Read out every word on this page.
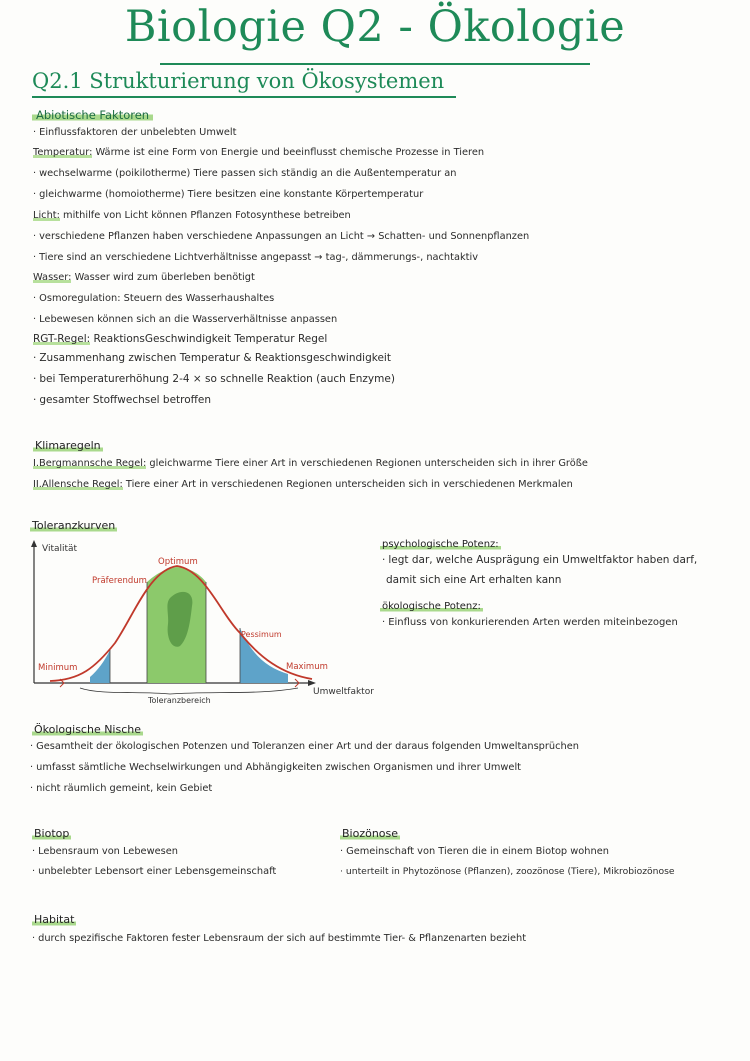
Biologie Q2 - Ökologie
Q2.1 Strukturierung von Ökosystemen
Abiotische Faktoren
· Einflussfaktoren der unbelebten Umwelt
Temperatur: Wärme ist eine Form von Energie und beeinflusst chemische Prozesse in Tieren
· wechselwarme (poikilotherme) Tiere passen sich ständig an die Außentemperatur an
· gleichwarme (homoiotherme) Tiere besitzen eine konstante Körpertemperatur
Licht: mithilfe von Licht können Pflanzen Fotosynthese betreiben
· verschiedene Pflanzen haben verschiedene Anpassungen an Licht → Schatten- und Sonnenpflanzen
· Tiere sind an verschiedene Lichtverhältnisse angepasst → tag-, dämmerungs-, nachtaktiv
Wasser: Wasser wird zum überleben benötigt
· Osmoregulation: Steuern des Wasserhaushaltes
· Lebewesen können sich an die Wasserverhältnisse anpassen
RGT-Regel: ReaktionsGeschwindigkeit Temperatur Regel
· Zusammenhang zwischen Temperatur & Reaktionsgeschwindigkeit
· bei Temperaturerhöhung 2-4 × so schnelle Reaktion (auch Enzyme)
· gesamter Stoffwechsel betroffen
Klimaregeln
I.Bergmannsche Regel: gleichwarme Tiere einer Art in verschiedenen Regionen unterscheiden sich in ihrer Größe
II.Allensche Regel: Tiere einer Art in verschiedenen Regionen unterscheiden sich in verschiedenen Merkmalen
Toleranzkurven
Vitalität
Optimum
Präferendum
Pessimum
Minimum	Maximum
Umweltfaktor
Toleranzbereich
psychologische Potenz:
· legt dar, welche Ausprägung ein Umweltfaktor haben darf,
damit sich eine Art erhalten kann
ökologische Potenz:
· Einfluss von konkurierenden Arten werden miteinbezogen
Ökologische Nische
· Gesamtheit der ökologischen Potenzen und Toleranzen einer Art und der daraus folgenden Umweltansprüchen
· umfasst sämtliche Wechselwirkungen und Abhängigkeiten zwischen Organismen und ihrer Umwelt
· nicht räumlich gemeint, kein Gebiet
Biotop
· Lebensraum von Lebewesen
· unbelebter Lebensort einer Lebensgemeinschaft
Biozönose
· Gemeinschaft von Tieren die in einem Biotop wohnen
· unterteilt in Phytozönose (Pflanzen), zoozönose (Tiere), Mikrobiozönose
Habitat
· durch spezifische Faktoren fester Lebensraum der sich auf bestimmte Tier- & Pflanzenarten bezieht
